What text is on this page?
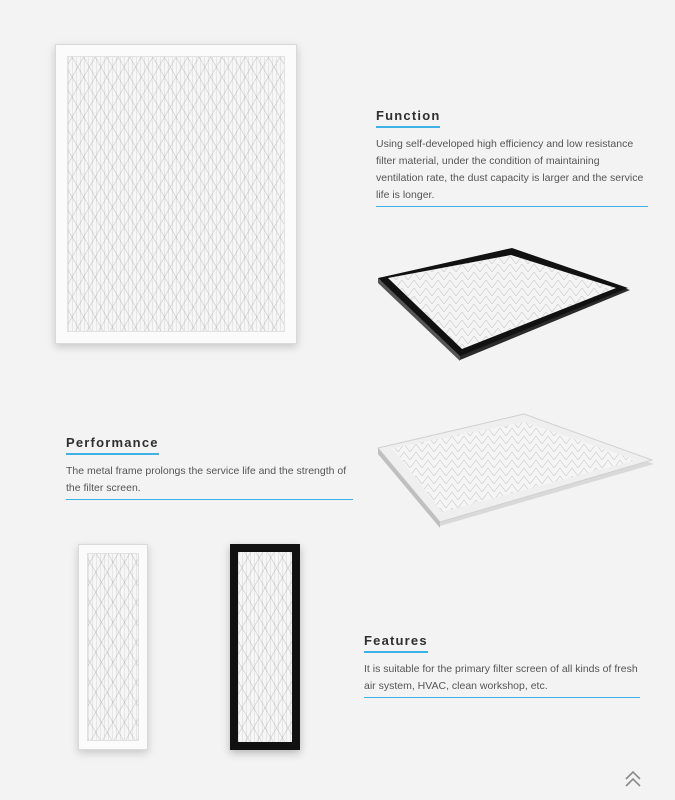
Function
Using self-developed high efficiency and low resistance filter material, under the condition of maintaining ventilation rate, the dust capacity is larger and the service life is longer.
Performance
The metal frame prolongs the service life and the strength of the filter screen.
Features
It is suitable for the primary filter screen of all kinds of fresh air system, HVAC, clean workshop, etc.
